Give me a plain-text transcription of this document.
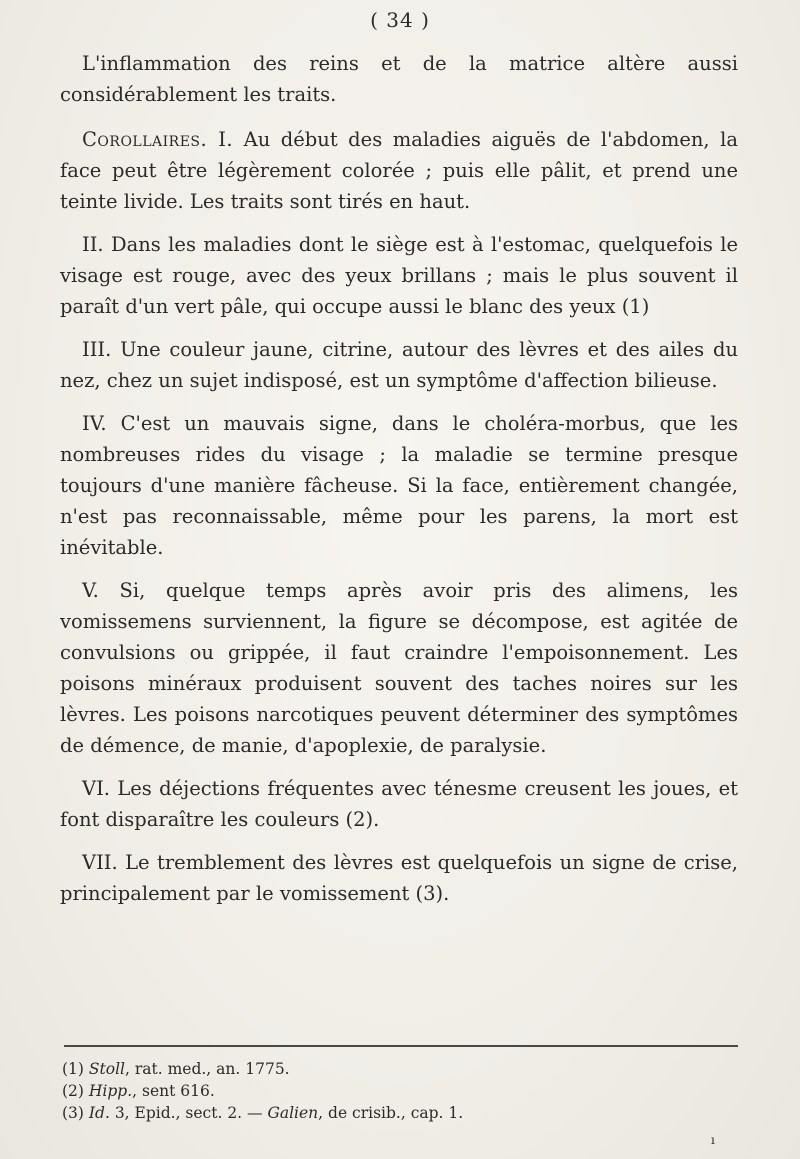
( 34 )

L'inflammation des reins et de la matrice altère aussi considérablement les traits.

Corollaires. I. Au début des maladies aiguës de l'abdomen, la face peut être légèrement colorée ; puis elle pâlit, et prend une teinte livide. Les traits sont tirés en haut.

II. Dans les maladies dont le siège est à l'estomac, quelquefois le visage est rouge, avec des yeux brillans ; mais le plus souvent il paraît d'un vert pâle, qui occupe aussi le blanc des yeux (1)

III. Une couleur jaune, citrine, autour des lèvres et des ailes du nez, chez un sujet indisposé, est un symptôme d'affection bilieuse.

IV. C'est un mauvais signe, dans le choléra-morbus, que les nombreuses rides du visage ; la maladie se termine presque toujours d'une manière fâcheuse. Si la face, entièrement changée, n'est pas reconnaissable, même pour les parens, la mort est inévitable.

V. Si, quelque temps après avoir pris des alimens, les vomissemens surviennent, la figure se décompose, est agitée de convulsions ou grippée, il faut craindre l'empoisonnement. Les poisons minéraux produisent souvent des taches noires sur les lèvres. Les poisons narcotiques peuvent déterminer des symptômes de démence, de manie, d'apoplexie, de paralysie.

VI. Les déjections fréquentes avec ténesme creusent les joues, et font disparaître les couleurs (2).

VII. Le tremblement des lèvres est quelquefois un signe de crise, principalement par le vomissement (3).

(1) Stoll, rat. med., an. 1775.

(2) Hipp., sent 616.

(3) Id. 3, Epid., sect. 2. — Galien, de crisib., cap. 1.

ı
